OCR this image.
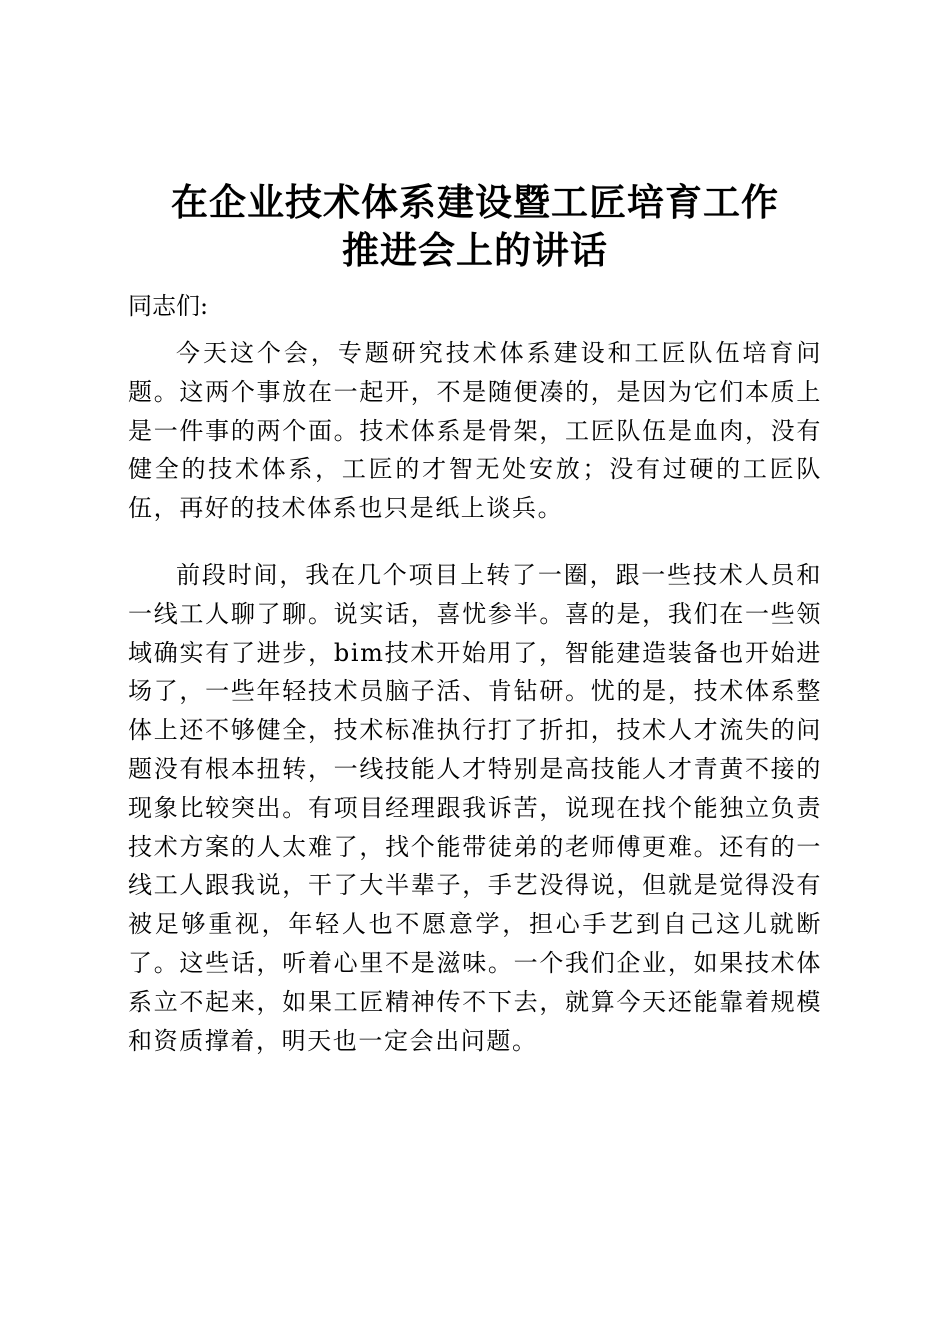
在企业技术体系建设暨工匠培育工作
推进会上的讲话
同志们:

今天这个会，专题研究技术体系建设和工匠队伍培育问题。这两个事放在一起开，不是随便凑的，是因为它们本质上是一件事的两个面。技术体系是骨架，工匠队伍是血肉，没有健全的技术体系，工匠的才智无处安放；没有过硬的工匠队伍，再好的技术体系也只是纸上谈兵。

前段时间，我在几个项目上转了一圈，跟一些技术人员和一线工人聊了聊。说实话，喜忧参半。喜的是，我们在一些领域确实有了进步，bim技术开始用了，智能建造装备也开始进场了，一些年轻技术员脑子活、肯钻研。忧的是，技术体系整体上还不够健全，技术标准执行打了折扣，技术人才流失的问题没有根本扭转，一线技能人才特别是高技能人才青黄不接的现象比较突出。有项目经理跟我诉苦，说现在找个能独立负责技术方案的人太难了，找个能带徒弟的老师傅更难。还有的一线工人跟我说，干了大半辈子，手艺没得说，但就是觉得没有被足够重视，年轻人也不愿意学，担心手艺到自己这儿就断了。这些话，听着心里不是滋味。一个我们企业，如果技术体系立不起来，如果工匠精神传不下去，就算今天还能靠着规模和资质撑着，明天也一定会出问题。
